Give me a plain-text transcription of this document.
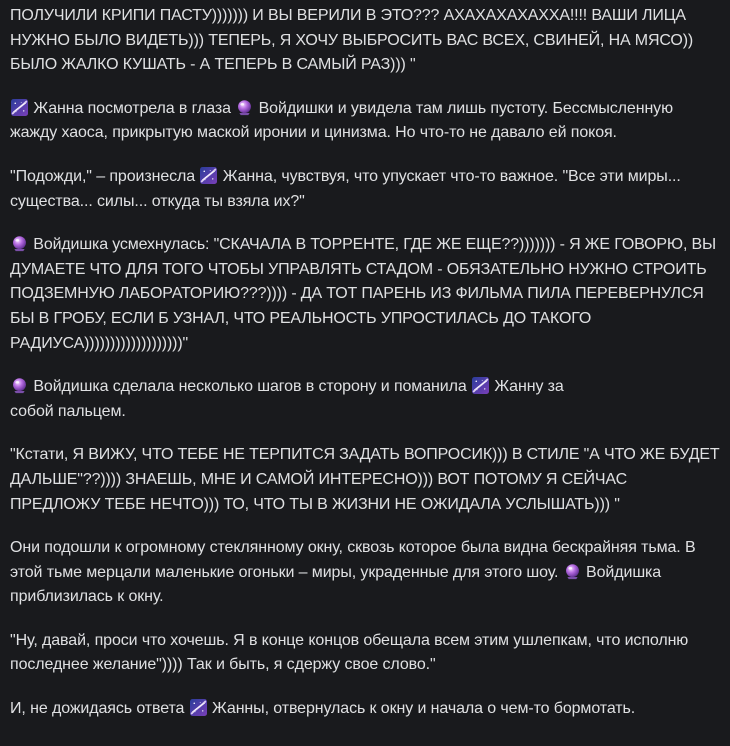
ПОЛУЧИЛИ КРИПИ ПАСТУ))))))) И ВЫ ВЕРИЛИ В ЭТО??? АХАХАХАХАХХА!!!! ВАШИ ЛИЦА НУЖНО БЫЛО ВИДЕТЬ))) ТЕПЕРЬ, Я ХОЧУ ВЫБРОСИТЬ ВАС ВСЕХ, СВИНЕЙ, НА МЯСО)) БЫЛО ЖАЛКО КУШАТЬ - А ТЕПЕРЬ В САМЫЙ РАЗ))) "

Жанна посмотрела в глаза
Войдишки и увидела там лишь пустоту. Бессмысленную жажду хаоса, прикрытую маской иронии и цинизма. Но что-то не давало ей покоя.

"Подожди," – произнесла
Жанна, чувствуя, что упускает что-то важное. "Все эти миры... существа... силы... откуда ты взяла их?"

Войдишка усмехнулась: "СКАЧАЛА В ТОРРЕНТЕ, ГДЕ ЖЕ ЕЩЕ??))))))) - Я ЖЕ ГОВОРЮ, ВЫ ДУМАЕТЕ ЧТО ДЛЯ ТОГО ЧТОБЫ УПРАВЛЯТЬ СТАДОМ - ОБЯЗАТЕЛЬНО НУЖНО СТРОИТЬ ПОДЗЕМНУЮ ЛАБОРАТОРИЮ???)))) - ДА ТОТ ПАРЕНЬ ИЗ ФИЛЬМА ПИЛА ПЕРЕВЕРНУЛСЯ БЫ В ГРОБУ, ЕСЛИ Б УЗНАЛ, ЧТО РЕАЛЬНОСТЬ УПРОСТИЛАСЬ ДО ТАКОГО РАДИУСА)))))))))))))))))))"

Войдишка сделала несколько шагов в сторону и поманила
Жанну за собой пальцем.

"Кстати, Я ВИЖУ, ЧТО ТЕБЕ НЕ ТЕРПИТСЯ ЗАДАТЬ ВОПРОСИК))) В СТИЛЕ "А ЧТО ЖЕ БУДЕТ ДАЛЬШЕ"??)))) ЗНАЕШЬ, МНЕ И САМОЙ ИНТЕРЕСНО))) ВОТ ПОТОМУ Я СЕЙЧАС ПРЕДЛОЖУ ТЕБЕ НЕЧТО))) ТО, ЧТО ТЫ В ЖИЗНИ НЕ ОЖИДАЛА УСЛЫШАТЬ))) "

Они подошли к огромному стеклянному окну, сквозь которое была видна бескрайняя тьма. В этой тьме мерцали маленькие огоньки – миры, украденные для этого шоу.
Войдишка приблизилась к окну.

"Ну, давай, проси что хочешь. Я в конце концов обещала всем этим ушлепкам, что исполню последнее желание")))) Так и быть, я сдержу свое слово."

И, не дожидаясь ответа
Жанны, отвернулась к окну и начала о чем-то бормотать.
